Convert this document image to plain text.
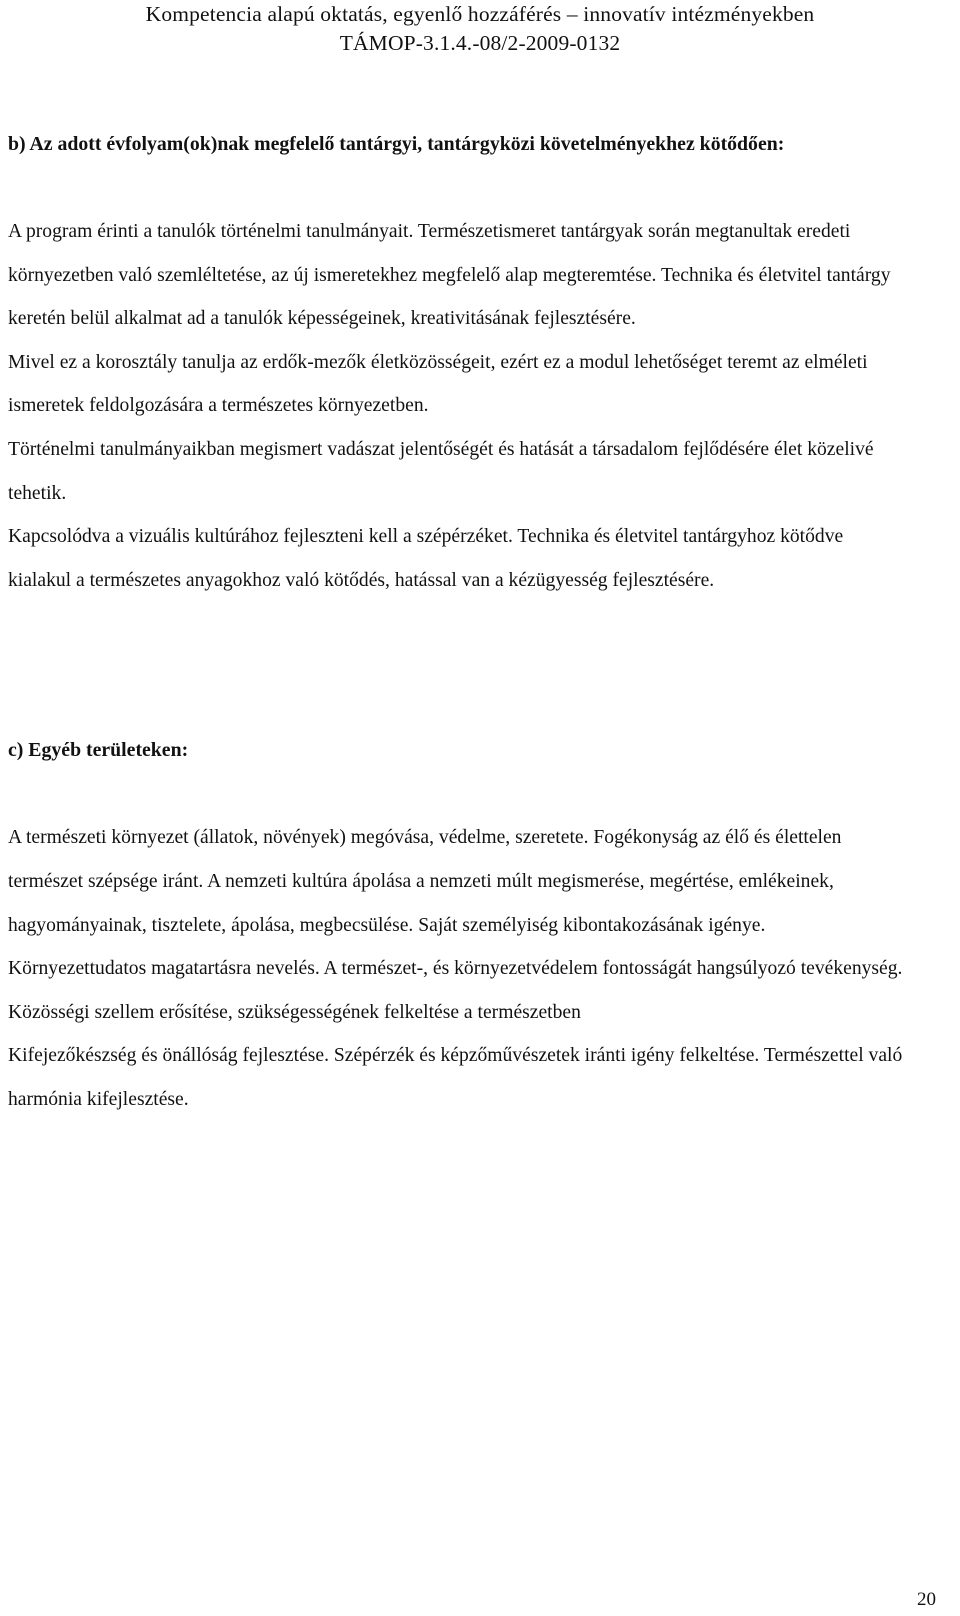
Kompetencia alapú oktatás, egyenlő hozzáférés – innovatív intézményekben
TÁMOP-3.1.4.-08/2-2009-0132

b) Az adott évfolyam(ok)nak megfelelő tantárgyi, tantárgyközi követelményekhez kötődően:

A program érinti a tanulók történelmi tanulmányait. Természetismeret tantárgyak során megtanultak eredeti környezetben való szemléltetése, az új ismeretekhez megfelelő alap megteremtése. Technika és életvitel tantárgy keretén belül alkalmat ad a tanulók képességeinek, kreativitásának fejlesztésére.

Mivel ez a korosztály tanulja az erdők-mezők életközösségeit, ezért ez a modul lehetőséget teremt az elméleti ismeretek feldolgozására a természetes környezetben.

Történelmi tanulmányaikban megismert vadászat jelentőségét és hatását a társadalom fejlődésére élet közelivé tehetik.

Kapcsolódva a vizuális kultúrához fejleszteni kell a szépérzéket. Technika és életvitel tantárgyhoz kötődve kialakul a természetes anyagokhoz való kötődés, hatással van a kézügyesség fejlesztésére.

c) Egyéb területeken:

A természeti környezet (állatok, növények) megóvása, védelme, szeretete. Fogékonyság az élő és élettelen természet szépsége iránt. A nemzeti kultúra ápolása a nemzeti múlt megismerése, megértése, emlékeinek, hagyományainak, tisztelete, ápolása, megbecsülése. Saját személyiség kibontakozásának igénye.

Környezettudatos magatartásra nevelés. A természet-, és környezetvédelem fontosságát hangsúlyozó tevékenység. Közösségi szellem erősítése, szükségességének felkeltése a természetben

Kifejezőkészség és önállóság fejlesztése. Szépérzék és képzőművészetek iránti igény felkeltése. Természettel való harmónia kifejlesztése.

20
